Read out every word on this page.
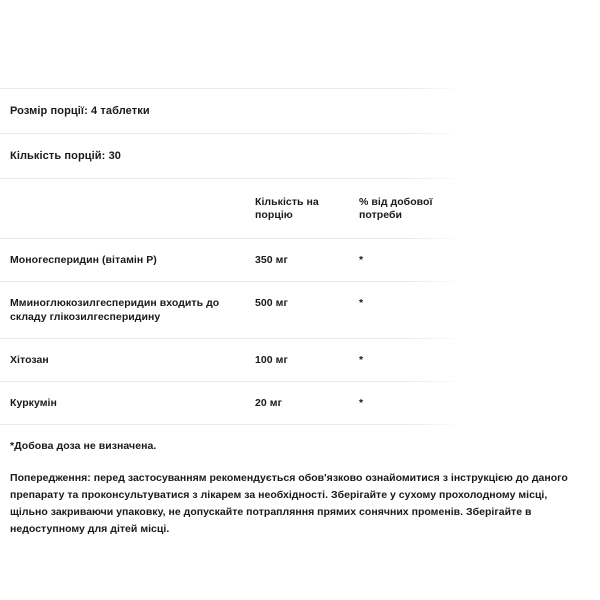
Розмір порції: 4 таблетки
Кількість порцій: 30
	Кількість на порцію	% від добової потреби

Моногесперидин (вітамін Р)	350 мг	*

Мминоглюкозилгесперидин входить до складу глікозилгесперидину	500 мг	*

Хітозан	100 мг	*

Куркумін	20 мг	*

*Добова доза не визначена.
Попередження: перед застосуванням рекомендується обов'язково ознайомитися з інструкцією до даного препарату та проконсультуватися з лікарем за необхідності. Зберігайте у сухому прохолодному місці, щільно закриваючи упаковку, не допускайте потрапляння прямих сонячних променів. Зберігайте в недоступному для дітей місці.
